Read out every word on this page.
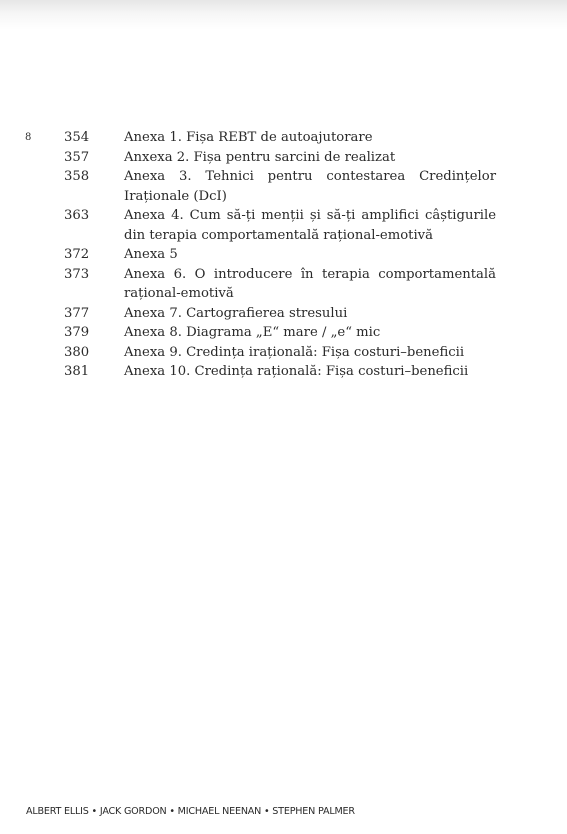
8 354	Anexa 1. Fișa REBT de autoajutorare
357	Anxexa 2. Fișa pentru sarcini de realizat
358	Anexa 3. Tehnici pentru contestarea Credințelor Iraționale (DcI)
363	Anexa 4. Cum să-ți menții și să-ți amplifici câștigurile din terapia comportamentală rațional-emotivă
372	Anexa 5
373	Anexa 6. O introducere în terapia comportamentală rațional-emotivă
377	Anexa 7. Cartografierea stresului
379	Anexa 8. Diagrama „E“ mare / „e“ mic
380	Anexa 9. Credința irațională: Fișa costuri–beneficii
381	Anexa 10. Credința rațională: Fișa costuri–beneficii
ALBERT ELLIS • JACK GORDON • MICHAEL NEENAN • STEPHEN PALMER
